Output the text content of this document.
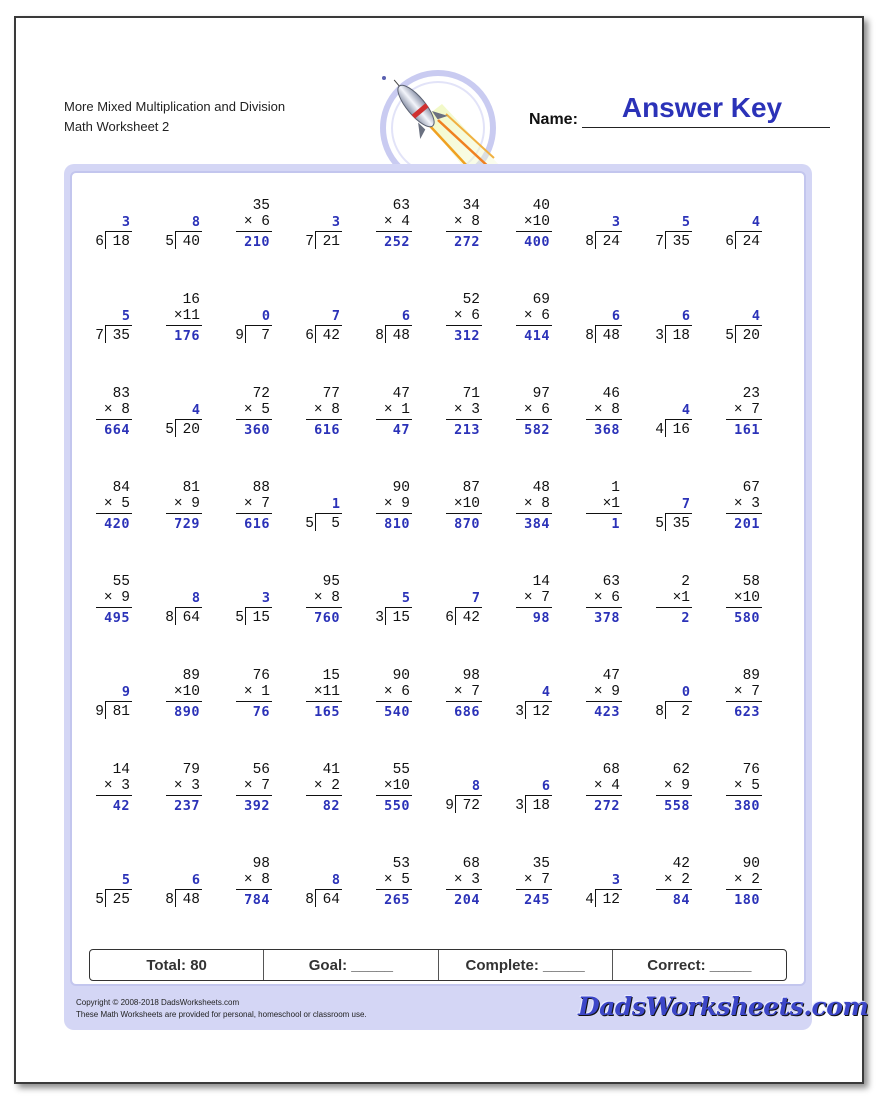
More Mixed Multiplication and Division
Math Worksheet 2	Name:	Answer Key
3
6 18
8
5 40
35
× 6
210
3
7 21
63
× 4
252
34
× 8
272
40
×10
400
3
8 24
5
7 35
4
6 24
5
7 35
16
×11
176
0
9	7
7
6 42
6
8 48
52
× 6
312
69
× 6
414
6
8 48
6
3 18
4
5 20
83
× 8
664
4
5 20
72
× 5
360
77
× 8
616
47
× 1
47
71
× 3
213
97
× 6
582
46
× 8
368
4
4 16
23
× 7
161
84
× 5
420
81
× 9
729
88
× 7
616
1
5	5
90
× 9
810
87
×10
870
48
× 8
384
1
×1
1
7
5 35
67
× 3
201
55
× 9
495
8
8 64
3
5 15
95
× 8
760
5
3 15
7
6 42
14
× 7
98
63
× 6
378
2
×1
2
58
×10
580
9
9 81
89
×10
890
76
× 1
76
15
×11
165
90
× 6
540
98
× 7
686
4
3 12
47
× 9
423
0
8	2
89
× 7
623
14
× 3
42
79
× 3
237
56
× 7
392
41
× 2
82
55
×10
550
8
9 72
6
3 18
68
× 4
272
62
× 9
558
76
× 5
380
5
5 25
6
8 48
98
× 8
784
8
8 64
53
× 5
265
68
× 3
204
35
× 7
245
3
4 12
42
× 2
84
90
× 2
180
Total: 80	Goal: _____	Complete: _____	Correct: _____
Copyright © 2008-2018 DadsWorksheets.com
These Math Worksheets are provided for personal, homeschool or classroom use.	DadsWorksheets.com
